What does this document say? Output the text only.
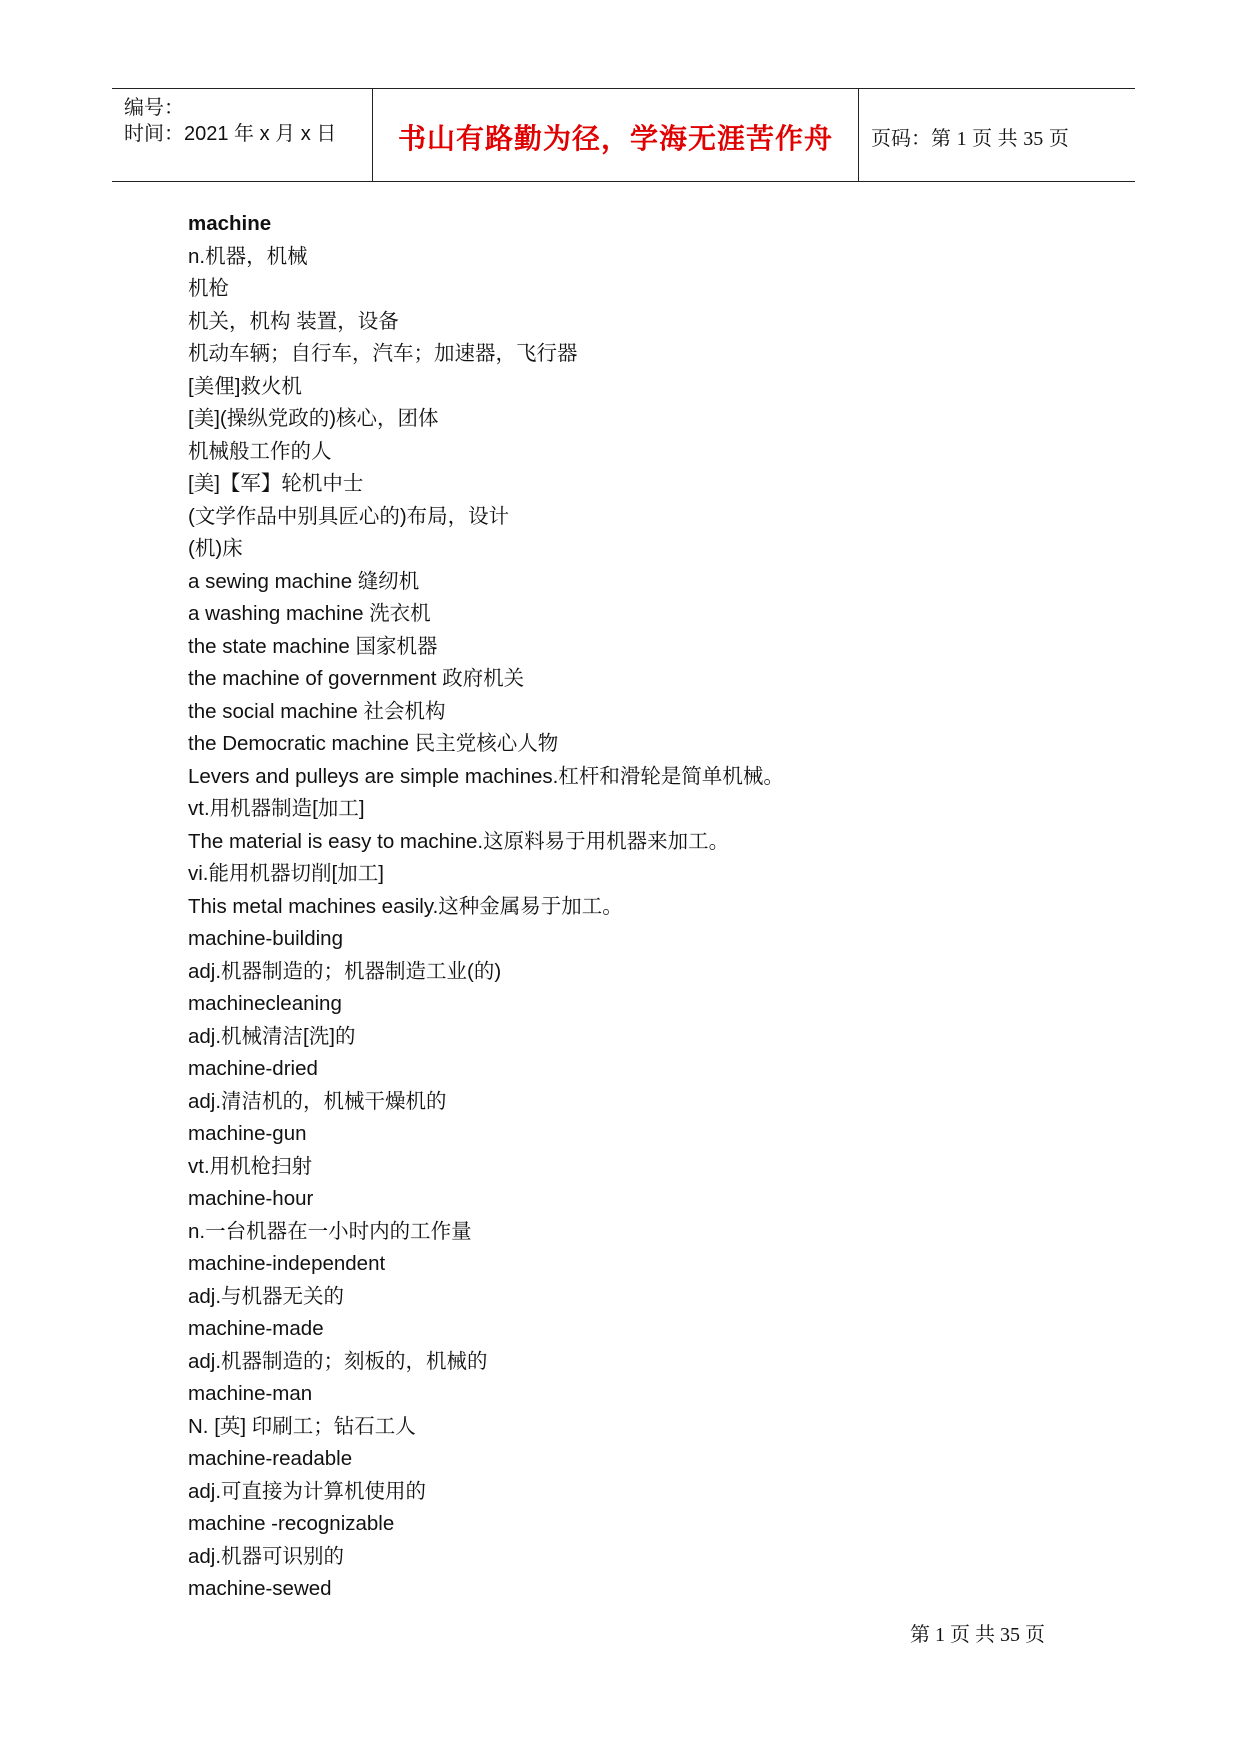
编号：
时间：2021 年 x 月 x 日	书山有路勤为径，学海无涯苦作舟	页码：第 1 页 共 35 页
machine
n.机器，机械
机枪
机关，机构 装置，设备
机动车辆；自行车，汽车；加速器，飞行器
[美俚]救火机
[美](操纵党政的)核心，团体
机械般工作的人
[美]【军】轮机中士
(文学作品中别具匠心的)布局，设计
(机)床
a sewing machine 缝纫机
a washing machine 洗衣机
the state machine 国家机器
the machine of government 政府机关
the social machine 社会机构
the Democratic machine 民主党核心人物
Levers and pulleys are simple machines.杠杆和滑轮是简单机械。
vt.用机器制造[加工]
The material is easy to machine.这原料易于用机器来加工。
vi.能用机器切削[加工]
This metal machines easily.这种金属易于加工。
machine-building
adj.机器制造的；机器制造工业(的)
machinecleaning
adj.机械清洁[洗]的
machine-dried
adj.清洁机的，机械干燥机的
machine-gun
vt.用机枪扫射
machine-hour
n.一台机器在一小时内的工作量
machine-independent
adj.与机器无关的
machine-made
adj.机器制造的；刻板的，机械的
machine-man
N. [英] 印刷工；钻石工人
machine-readable
adj.可直接为计算机使用的
machine -recognizable
adj.机器可识别的
machine-sewed
第 1 页 共 35 页
